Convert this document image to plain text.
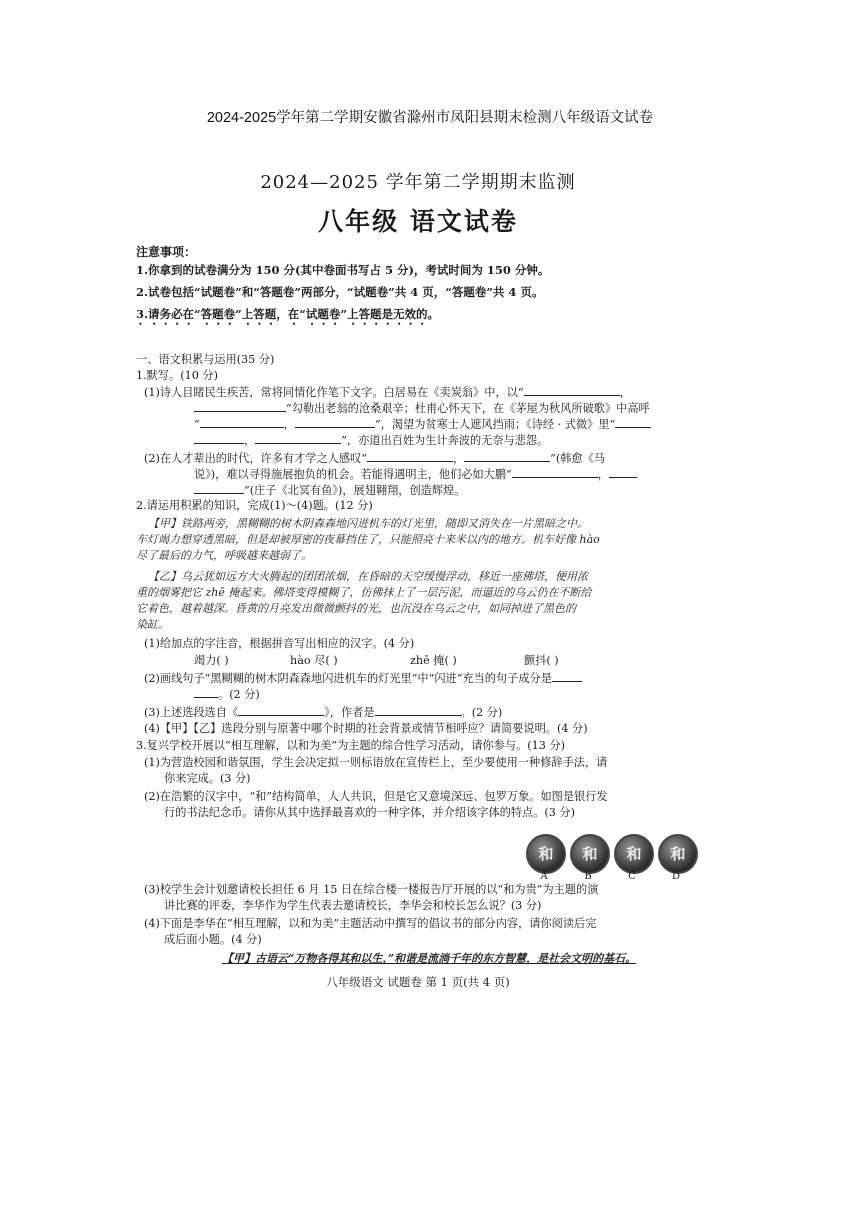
2024-2025学年第二学期安徽省滁州市凤阳县期末检测八年级语文试卷
2024—2025 学年第二学期期末监测
八年级 语文试卷
注意事项：
1.你拿到的试卷满分为 150 分(其中卷面书写占 5 分)，考试时间为 150 分钟。
2.试卷包括“试题卷”和“答题卷”两部分，“试题卷”共 4 页，“答题卷”共 4 页。
3.请务必在“答题卷”上答题，在“试题卷”上答题是无效的。
一、语文积累与运用(35 分)
1.默写。(10 分)
(1)诗人目睹民生疾苦，常将同情化作笔下文字。白居易在《卖炭翁》中，以“	，
”勾勒出老翁的沧桑艰辛；杜甫心怀天下，在《茅屋为秋风所破歌》中高呼
“	，	”，渴望为贫寒士人遮风挡雨；《诗经 · 式微》里“
，	”，亦道出百姓为生计奔波的无奈与悲怨。
(2)在人才辈出的时代，许多有才学之人感叹“	，	”(韩愈《马
说》)，难以寻得施展抱负的机会。若能得遇明主，他们必如大鹏“	，
”(庄子《北冥有鱼》)，展翅翱翔，创造辉煌。
2.请运用积累的知识，完成(1)～(4)题。(12 分)
【甲】铁路两旁，黑糊糊的树木阴森森地闪进机车的灯光里，随即又消失在一片黑暗之中。
车灯竭力想穿透黑暗，但是却被厚密的夜幕挡住了，只能照亮十来米以内的地方。机车好像 hào
尽了最后的力气，呼吸越来越弱了。
【乙】乌云犹如远方大火腾起的团团浓烟，在昏暗的天空缓慢浮动，移近一座佛塔，便用浓
重的烟雾把它 zhē 掩起来。佛塔变得模糊了，仿佛抹上了一层污泥，而逼近的乌云仍在不断给
它着色，越着越深。昏黄的月亮发出微微颤抖的光，也沉没在乌云之中，如同掉进了黑色的
染缸。
(1)给加点的字注音，根据拼音写出相应的汉字。(4 分)
竭力( )	hào 尽( )	zhē 掩( )	颤抖( )
(2)画线句子“黑糊糊的树木阴森森地闪进机车的灯光里”中“闪进”充当的句子成分是
。(2 分)
(3)上述选段选自《	》，作者是	。(2 分)
(4)【甲】【乙】选段分别与原著中哪个时期的社会背景或情节相呼应？请简要说明。(4 分)
3.复兴学校开展以“相互理解，以和为美”为主题的综合性学习活动，请你参与。(13 分)
(1)为营造校园和谐氛围，学生会决定拟一则标语放在宣传栏上，至少要使用一种修辞手法，请
你来完成。(3 分)
(2)在浩繁的汉字中，“和”结构简单，人人共识，但是它又意境深远、包罗万象。如图是银行发
行的书法纪念币。请你从其中选择最喜欢的一种字体，并介绍该字体的特点。(3 分)
和
A
和
B
和
C
和
D
(3)校学生会计划邀请校长担任 6 月 15 日在综合楼一楼报告厅开展的以“和为贵”为主题的演
讲比赛的评委，李华作为学生代表去邀请校长，李华会和校长怎么说？(3 分)
(4)下面是李华在“相互理解，以和为美”主题活动中撰写的倡议书的部分内容，请你阅读后完
成后面小题。(4 分)
【甲】古语云“万物各得其和以生，”和谐是流淌千年的东方智慧，是社会文明的基石。
八年级语文 试题卷 第 1 页(共 4 页)
